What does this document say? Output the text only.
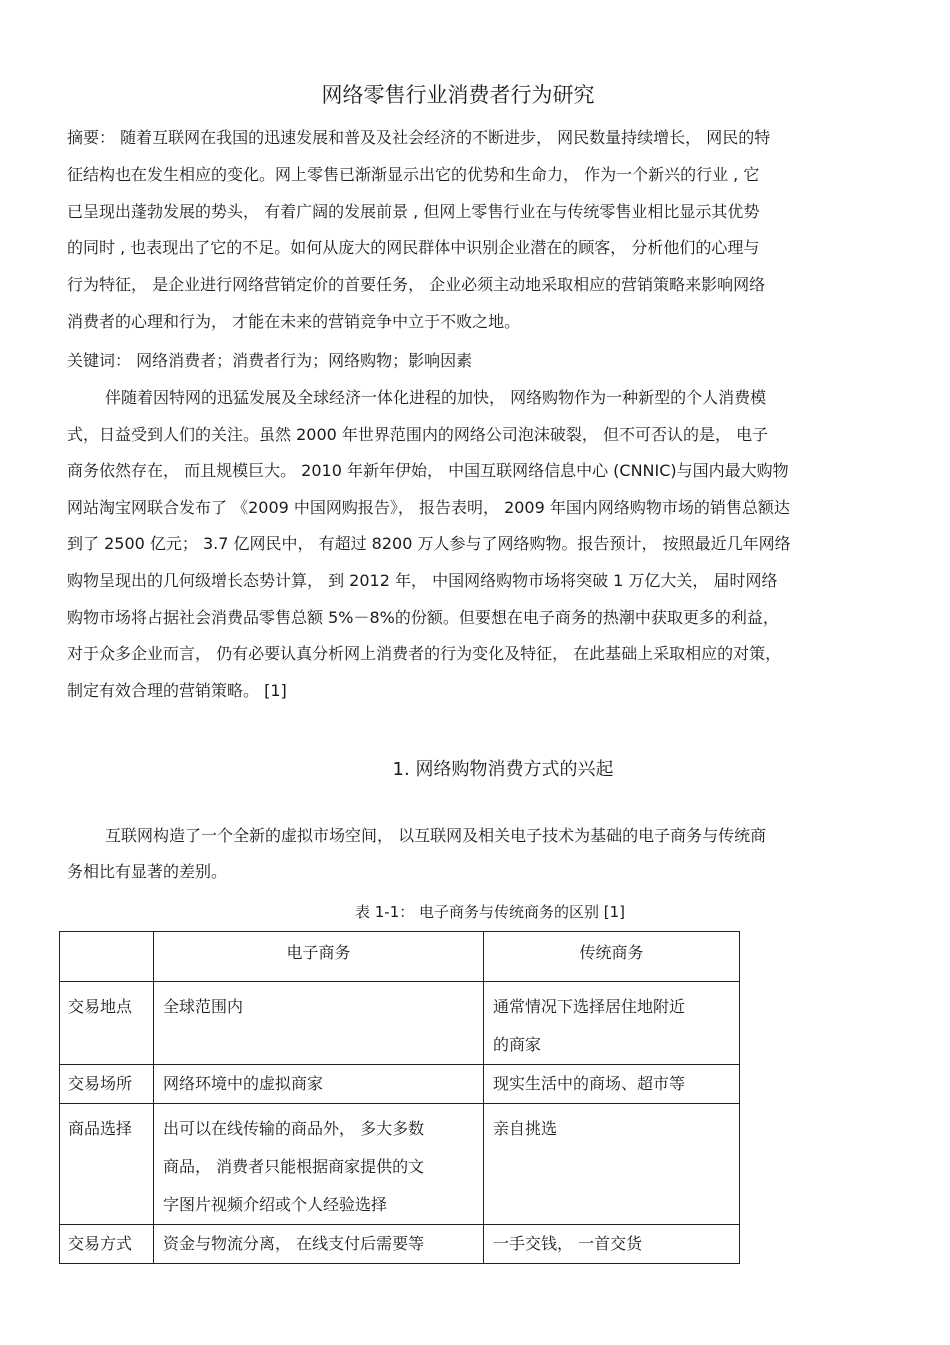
网络零售行业消费者行为研究
摘要： 随着互联网在我国的迅速发展和普及及社会经济的不断进步， 网民数量持续增长， 网民的特
征结构也在发生相应的变化。网上零售已渐渐显示出它的优势和生命力， 作为一个新兴的行业 , 它
已呈现出蓬勃发展的势头， 有着广阔的发展前景 , 但网上零售行业在与传统零售业相比显示其优势
的同时 , 也表现出了它的不足。如何从庞大的网民群体中识别企业潜在的顾客， 分析他们的心理与
行为特征， 是企业进行网络营销定价的首要任务， 企业必须主动地采取相应的营销策略来影响网络
消费者的心理和行为， 才能在未来的营销竞争中立于不败之地。
关键词： 网络消费者；消费者行为；网络购物；影响因素
伴随着因特网的迅猛发展及全球经济一体化进程的加快， 网络购物作为一种新型的个人消费模
式，日益受到人们的关注。虽然 2000 年世界范围内的网络公司泡沫破裂， 但不可否认的是， 电子
商务依然存在， 而且规模巨大。 2010 年新年伊始， 中国互联网络信息中心 (CNNIC)与国内最大购物
网站淘宝网联合发布了 《2009 中国网购报告》， 报告表明， 2009 年国内网络购物市场的销售总额达
到了 2500 亿元； 3.7 亿网民中， 有超过 8200 万人参与了网络购物。报告预计， 按照最近几年网络
购物呈现出的几何级增长态势计算， 到 2012 年， 中国网络购物市场将突破 1 万亿大关， 届时网络
购物市场将占据社会消费品零售总额 5%－8%的份额。但要想在电子商务的热潮中获取更多的利益，
对于众多企业而言， 仍有必要认真分析网上消费者的行为变化及特征， 在此基础上采取相应的对策，
制定有效合理的营销策略。 [1]
1. 网络购物消费方式的兴起
互联网构造了一个全新的虚拟市场空间， 以互联网及相关电子技术为基础的电子商务与传统商
务相比有显著的差别。
表 1-1： 电子商务与传统商务的区别 [1]
	电子商务	传统商务
交易地点	全球范围内	通常情况下选择居住地附近
的商家

交易场所	网络环境中的虚拟商家	现实生活中的商场、超市等

商品选择	出可以在线传输的商品外， 多大多数
商品， 消费者只能根据商家提供的文
字图片视频介绍或个人经验选择	亲自挑选

交易方式	资金与物流分离， 在线支付后需要等	一手交钱， 一首交货
